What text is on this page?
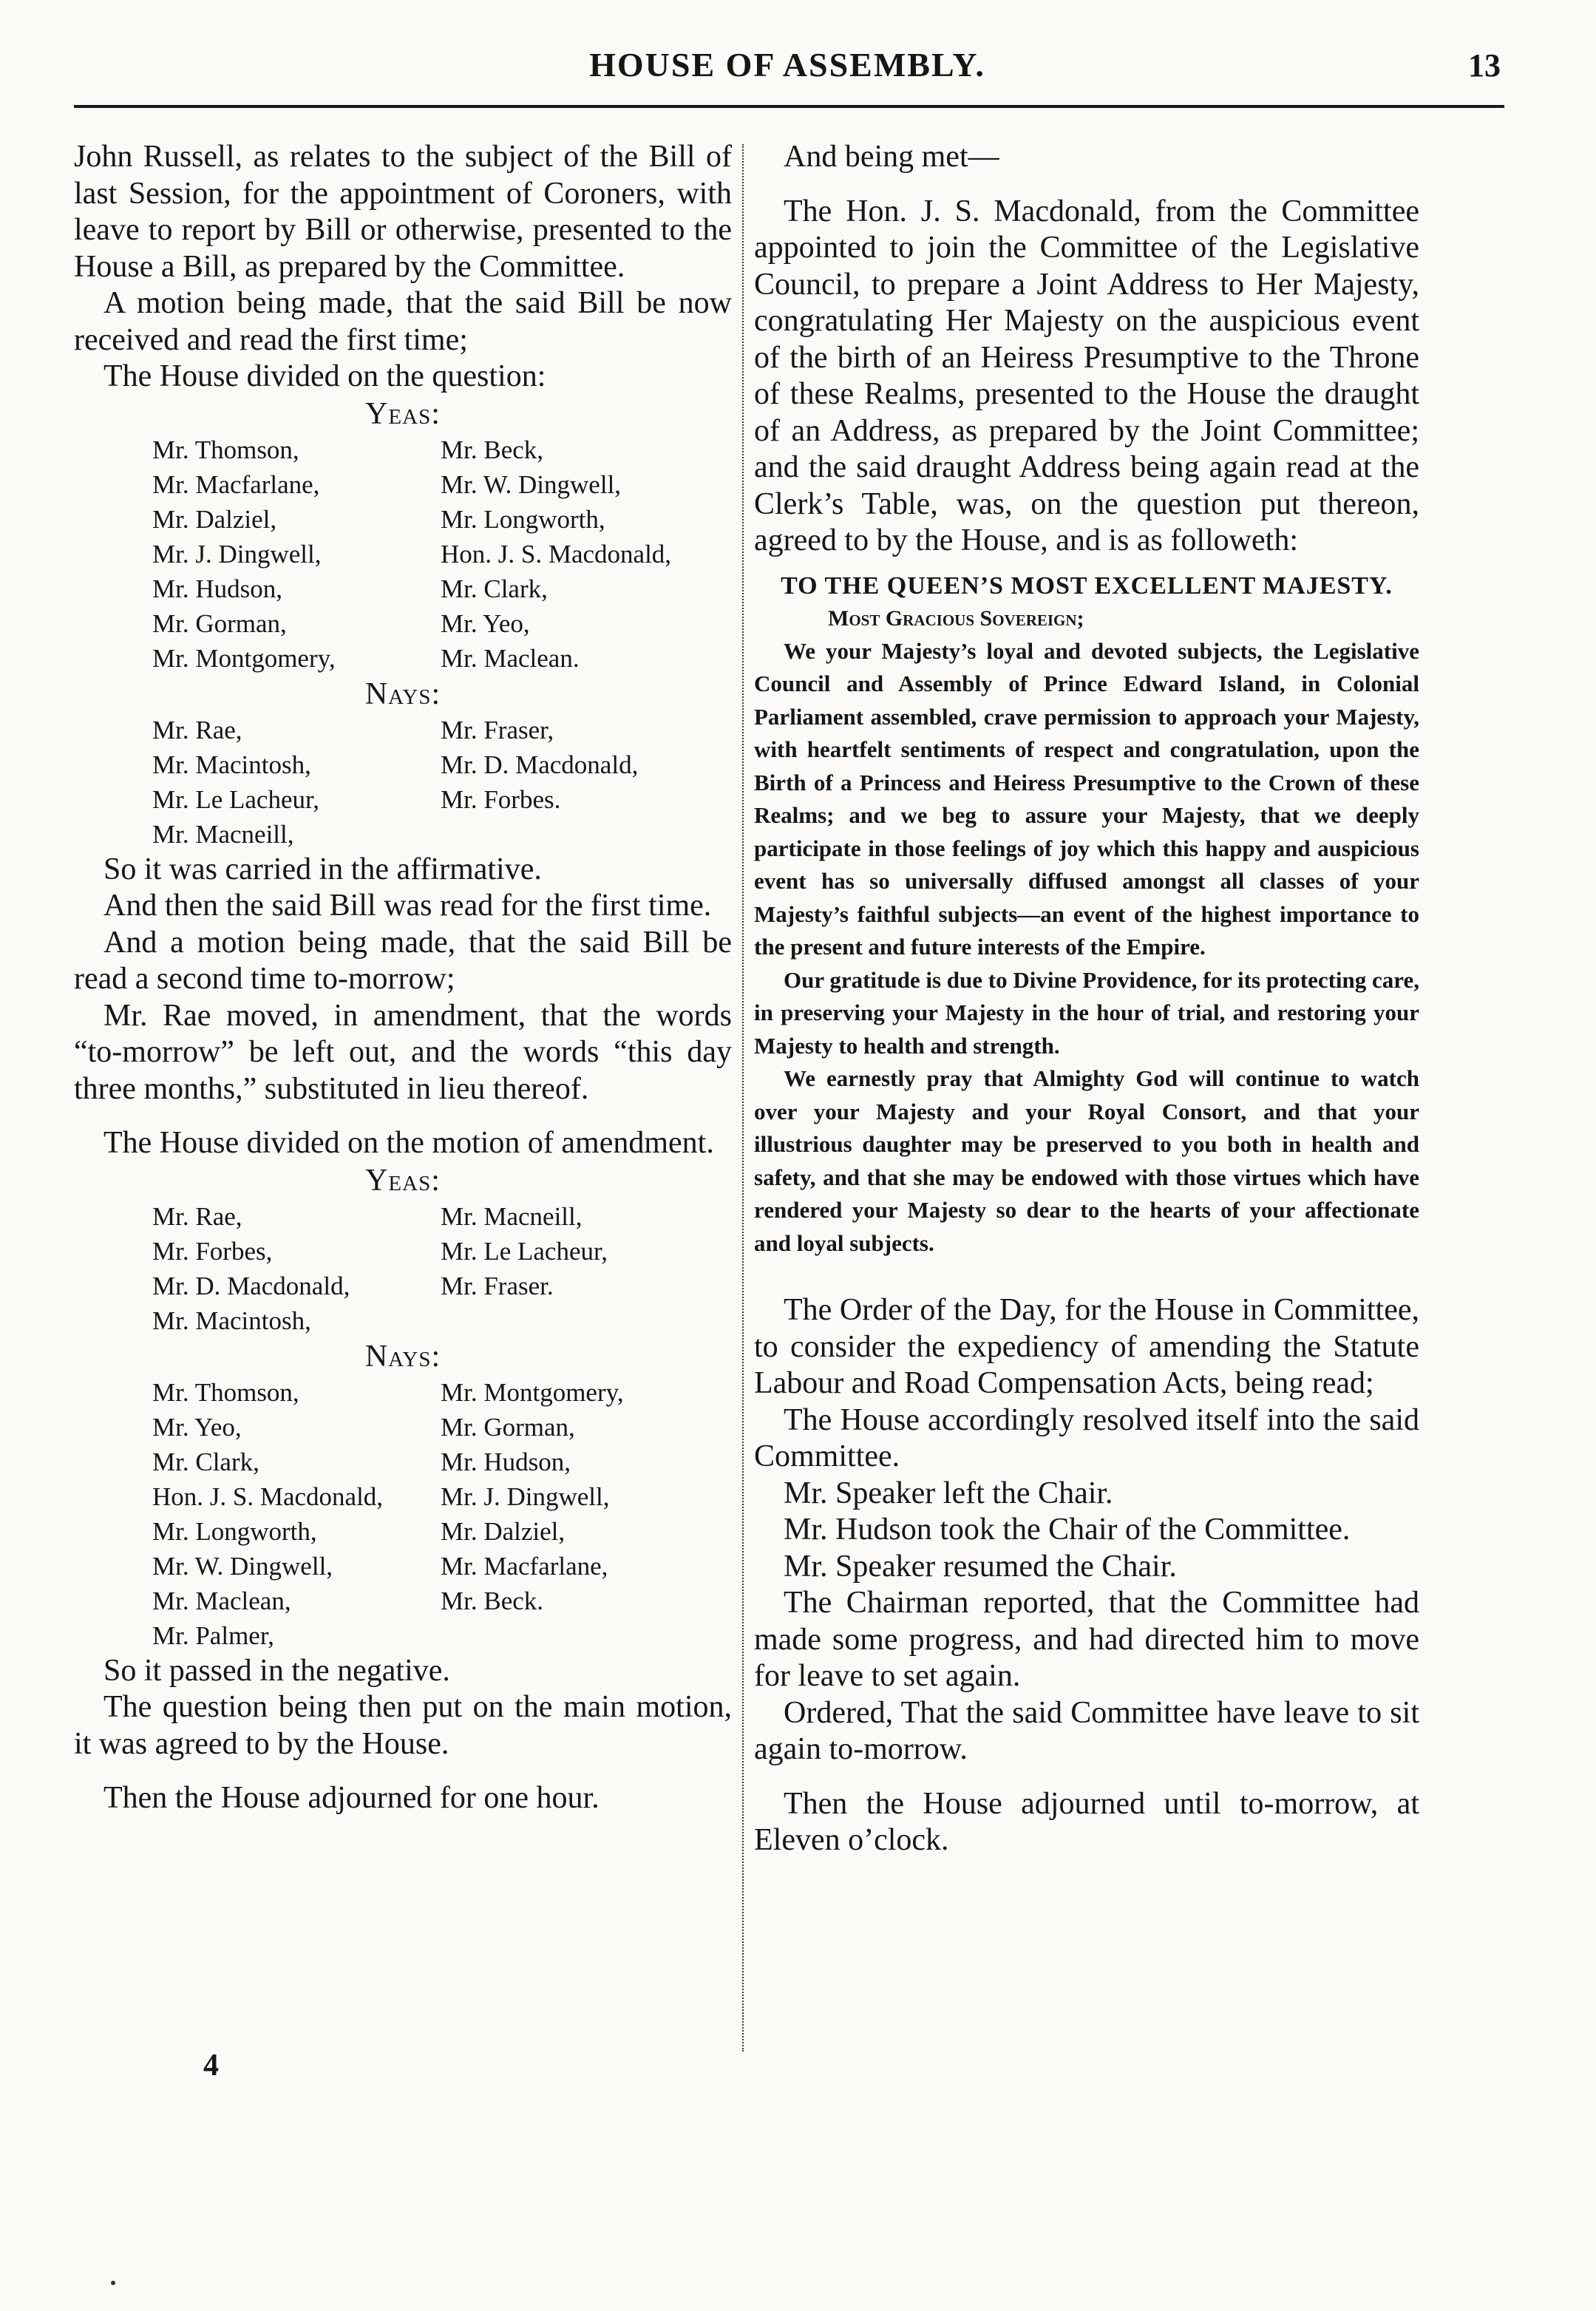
HOUSE OF ASSEMBLY.	13

John Russell, as relates to the subject of the Bill of last Session, for the appointment of Coroners, with leave to report by Bill or otherwise, presented to the House a Bill, as prepared by the Committee.

A motion being made, that the said Bill be now received and read the first time;

The House divided on the question:

Yeas:
Mr. Thomson,	Mr. Beck,
Mr. Macfarlane,	Mr. W. Dingwell,
Mr. Dalziel,	Mr. Longworth,
Mr. J. Dingwell,	Hon. J. S. Macdonald,
Mr. Hudson,	Mr. Clark,
Mr. Gorman,	Mr. Yeo,
Mr. Montgomery,	Mr. Maclean.
Nays:
Mr. Rae,	Mr. Fraser,
Mr. Macintosh,	Mr. D. Macdonald,
Mr. Le Lacheur,	Mr. Forbes.
Mr. Macneill,

So it was carried in the affirmative.

And then the said Bill was read for the first time.

And a motion being made, that the said Bill be read a second time to-morrow;

Mr. Rae moved, in amendment, that the words “to-morrow” be left out, and the words “this day three months,” substituted in lieu thereof.

The House divided on the motion of amendment.

Yeas:
Mr. Rae,	Mr. Macneill,
Mr. Forbes,	Mr. Le Lacheur,
Mr. D. Macdonald,	Mr. Fraser.
Mr. Macintosh,
Nays:
Mr. Thomson,	Mr. Montgomery,
Mr. Yeo,	Mr. Gorman,
Mr. Clark,	Mr. Hudson,
Hon. J. S. Macdonald,	Mr. J. Dingwell,
Mr. Longworth,	Mr. Dalziel,
Mr. W. Dingwell,	Mr. Macfarlane,
Mr. Maclean,	Mr. Beck.
Mr. Palmer,

So it passed in the negative.

The question being then put on the main motion, it was agreed to by the House.

Then the House adjourned for one hour.

And being met—

The Hon. J. S. Macdonald, from the Committee appointed to join the Committee of the Legislative Council, to prepare a Joint Address to Her Majesty, congratulating Her Majesty on the auspicious event of the birth of an Heiress Presumptive to the Throne of these Realms, presented to the House the draught of an Address, as prepared by the Joint Committee; and the said draught Address being again read at the Clerk’s Table, was, on the question put thereon, agreed to by the House, and is as followeth:

TO THE QUEEN’S MOST EXCELLENT MAJESTY.
Most Gracious Sovereign;

We your Majesty’s loyal and devoted subjects, the Legislative Council and Assembly of Prince Edward Island, in Colonial Parliament assembled, crave permission to approach your Majesty, with heartfelt sentiments of respect and congratulation, upon the Birth of a Princess and Heiress Presumptive to the Crown of these Realms; and we beg to assure your Majesty, that we deeply participate in those feelings of joy which this happy and auspicious event has so universally diffused amongst all classes of your Majesty’s faithful subjects—an event of the highest importance to the present and future interests of the Empire.

Our gratitude is due to Divine Providence, for its protecting care, in preserving your Majesty in the hour of trial, and restoring your Majesty to health and strength.

We earnestly pray that Almighty God will continue to watch over your Majesty and your Royal Consort, and that your illustrious daughter may be preserved to you both in health and safety, and that she may be endowed with those virtues which have rendered your Majesty so dear to the hearts of your affectionate and loyal subjects.

The Order of the Day, for the House in Committee, to consider the expediency of amending the Statute Labour and Road Compensation Acts, being read;

The House accordingly resolved itself into the said Committee.

Mr. Speaker left the Chair.

Mr. Hudson took the Chair of the Committee.

Mr. Speaker resumed the Chair.

The Chairman reported, that the Committee had made some progress, and had directed him to move for leave to set again.

Ordered, That the said Committee have leave to sit again to-morrow.

Then the House adjourned until to-morrow, at Eleven o’clock.

4
